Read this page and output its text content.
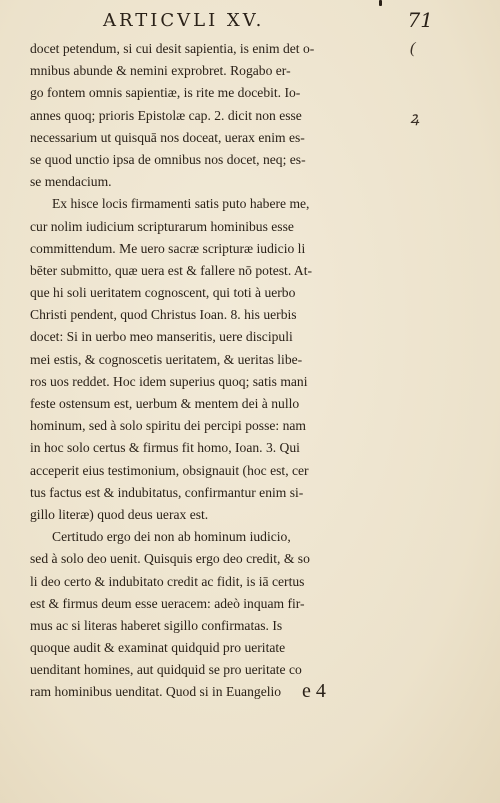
ARTICVLI XV.	71
docet petendum, si cui desit sapientia, is enim det o-
mnibus abunde & nemini exprobret. Rogabo er-
go fontem omnis sapientiæ, is rite me docebit. Io-
annes quoq; prioris Epistolæ cap. 2. dicit non esse
necessarium ut quisquā nos doceat, uerax enim es-
se quod unctio ipsa de omnibus nos docet, neq; es-
se mendacium.
Ex hisce locis firmamenti satis puto habere me,
cur nolim iudicium scripturarum hominibus esse
committendum. Me uero sacræ scripturæ iudicio li
bēter submitto, quæ uera est & fallere nō potest. At-
que hi soli ueritatem cognoscent, qui toti à uerbo
Christi pendent, quod Christus Ioan. 8. his uerbis
docet: Si in uerbo meo manseritis, uere discipuli
mei estis, & cognoscetis ueritatem, & ueritas libe-
ros uos reddet. Hoc idem superius quoq; satis mani
feste ostensum est, uerbum & mentem dei à nullo
hominum, sed à solo spiritu dei percipi posse: nam
in hoc solo certus & firmus fit homo, Ioan. 3. Qui
acceperit eius testimonium, obsignauit (hoc est, cer
tus factus est & indubitatus, confirmantur enim si-
gillo literæ) quod deus uerax est.
Certitudo ergo dei non ab hominum iudicio,
sed à solo deo uenit. Quisquis ergo deo credit, & so
li deo certo & indubitato credit ac fidit, is iā certus
est & firmus deum esse ueracem: adeò inquam fir-
mus ac si literas haberet sigillo confirmatas. Is
quoque audit & examinat quidquid pro ueritate
uenditant homines, aut quidquid se pro ueritate co
ram hominibus uenditat. Quod si in Euangelio
(
ꝝ
e 4
